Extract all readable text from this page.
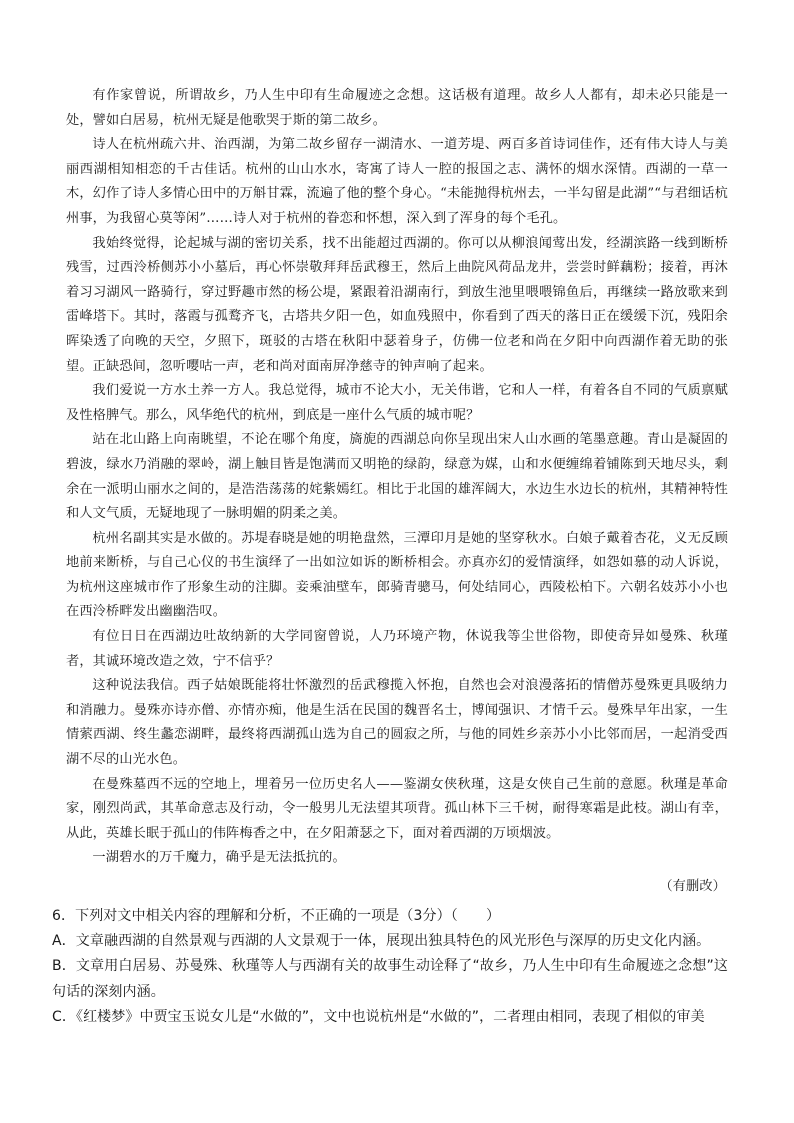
有作家曾说，所谓故乡，乃人生中印有生命履迹之念想。这话极有道理。故乡人人都有，却未必只能是一处，譬如白居易，杭州无疑是他歌哭于斯的第二故乡。

诗人在杭州疏六井、治西湖，为第二故乡留存一湖清水、一道芳堤、两百多首诗词佳作，还有伟大诗人与美丽西湖相知相恋的千古佳话。杭州的山山水水，寄寓了诗人一腔的报国之志、满怀的烟水深情。西湖的一草一木，幻作了诗人多情心田中的万斛甘霖，流遍了他的整个身心。“未能抛得杭州去，一半勾留是此湖”“与君细话杭州事，为我留心莫等闲”……诗人对于杭州的眷恋和怀想，深入到了浑身的每个毛孔。

我始终觉得，论起城与湖的密切关系，找不出能超过西湖的。你可以从柳浪闻莺出发，经湖滨路一线到断桥残雪，过西泠桥侧苏小小墓后，再心怀崇敬拜拜岳武穆王，然后上曲院风荷品龙井，尝尝时鲜藕粉；接着，再沐着习习湖风一路骑行，穿过野趣市然的杨公堤，紧跟着沿湖南行，到放生池里喂喂锦鱼后，再继续一路放歌来到雷峰塔下。其时，落霞与孤鹜齐飞，古塔共夕阳一色，如血残照中，你看到了西天的落日正在缓缓下沉，残阳余晖染透了向晚的天空，夕照下，斑驳的古塔在秋阳中瑟着身子，仿佛一位老和尚在夕阳中向西湖作着无助的张望。正缺恐间，忽听嘤咕一声，老和尚对面南屏净慈寺的钟声响了起来。

我们爱说一方水土养一方人。我总觉得，城市不论大小，无关伟谐，它和人一样，有着各自不同的气质禀赋及性格脾气。那么，风华绝代的杭州，到底是一座什么气质的城市呢？

站在北山路上向南眺望，不论在哪个角度，旖旎的西湖总向你呈现出宋人山水画的笔墨意趣。青山是凝固的碧波，绿水乃消融的翠岭，湖上触目皆是饱满而又明艳的绿韵，绿意为媒，山和水便缠绵着铺陈到天地尽头，剩余在一派明山丽水之间的，是浩浩荡荡的姹紫嫣红。相比于北国的雄浑阔大，水边生水边长的杭州，其精神特性和人文气质，无疑地现了一脉明媚的阴柔之美。

杭州名副其实是水做的。苏堤春晓是她的明艳盘然，三潭印月是她的坚穿秋水。白娘子戴着杏花，义无反顾地前来断桥，与自己心仪的书生演绎了一出如泣如诉的断桥相会。亦真亦幻的爱情演绎，如怨如慕的动人诉说，为杭州这座城市作了形象生动的注脚。妾乘油壁车，郎骑青骢马，何处结同心，西陵松柏下。六朝名妓苏小小也在西泠桥畔发出幽幽浩叹。

有位日日在西湖边吐故纳新的大学同窗曾说，人乃环境产物，休说我等尘世俗物，即使奇异如曼殊、秋瑾者，其诚环境改造之效，宁不信乎？

这种说法我信。西子姑娘既能将壮怀激烈的岳武穆揽入怀抱，自然也会对浪漫落拓的情僧苏曼殊更具吸纳力和消融力。曼殊亦诗亦僧、亦情亦痴，他是生活在民国的魏晋名士，博闻强识、才情千云。曼殊早年出家，一生情萦西湖、终生蠡恋湖畔，最终将西湖孤山选为自己的圆寂之所，与他的同姓乡亲苏小小比邻而居，一起消受西湖不尽的山光水色。

在曼殊墓西不远的空地上，埋着另一位历史名人——鉴湖女侠秋瑾，这是女侠自己生前的意愿。秋瑾是革命家，刚烈尚武，其革命意志及行动，令一般男儿无法望其项背。孤山林下三千树，耐得寒霜是此枝。湖山有幸，从此，英雄长眠于孤山的伟阵梅香之中，在夕阳萧瑟之下，面对着西湖的万顷烟波。

一湖碧水的万千魔力，确乎是无法抵抗的。

（有删改）

6．下列对文中相关内容的理解和分析，不正确的一项是（3分）（　　）

A．文章融西湖的自然景观与西湖的人文景观于一体，展现出独具特色的风光形色与深厚的历史文化内涵。

B．文章用白居易、苏曼殊、秋瑾等人与西湖有关的故事生动诠释了“故乡，乃人生中印有生命履迹之念想”这句话的深刻内涵。

C．《红楼梦》中贾宝玉说女儿是“水做的”，文中也说杭州是“水做的”，二者理由相同，表现了相似的审美
